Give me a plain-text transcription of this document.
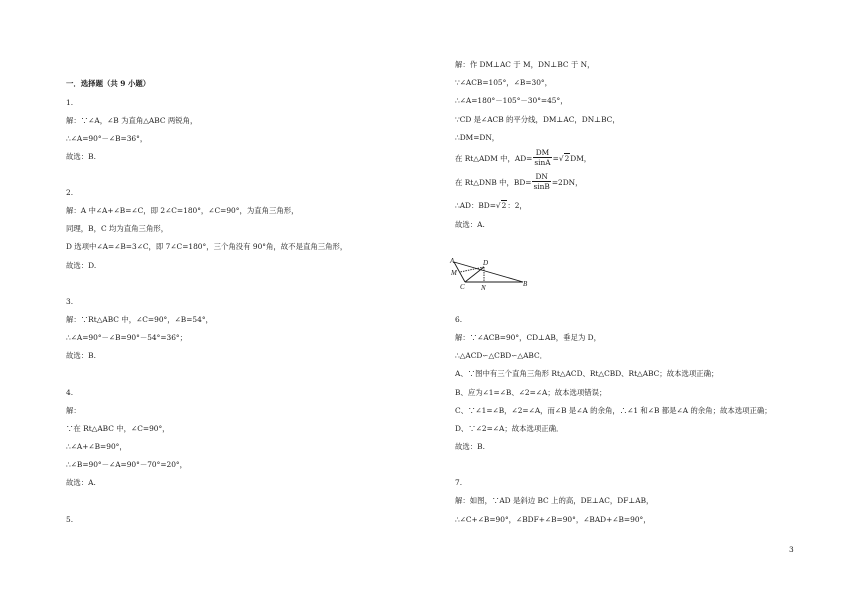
一．选择题（共 9 小题）
1.
解：∵∠A，∠B 为直角△ABC 两锐角，
∴∠A=90°－∠B=36°，
故选：B.
2.
解：A 中∠A+∠B=∠C，即 2∠C=180°，∠C=90°，为直角三角形，
同理，B，C 均为直角三角形，
D 选项中∠A=∠B=3∠C，即 7∠C=180°，三个角没有 90°角，故不是直角三角形，
故选：D.
3.
解：∵Rt△ABC 中，∠C=90°，∠B=54°，
∴∠A=90°－∠B=90°－54°=36°；
故选：B.
4.
解：
∵在 Rt△ABC 中，∠C=90°，
∴∠A+∠B=90°，
∴∠B=90°－∠A=90°－70°=20°，
故选：A.
5.
解：作 DM⊥AC 于 M，DN⊥BC 于 N，
∵∠ACB=105°，∠B=30°，
∴∠A=180°－105°－30°=45°，
∵CD 是∠ACB 的平分线，DM⊥AC，DN⊥BC，
∴DM=DN，
在 Rt△ADM 中，$AD= \frac{DM}{\sin A} =√2DM$，
在 Rt△DNB 中，$BD= \frac{DN}{\sin B} =2DN$，
∴AD：BD=√2：2，
故选：A.
A	D
M
C N	B
6.
解：∵∠ACB=90°，CD⊥AB，垂足为 D，
∴△ACD∽△CBD∽△ABC．
A、∵图中有三个直角三角形 Rt△ACD、Rt△CBD、Rt△ABC；故本选项正确；
B、应为∠1=∠B、∠2=∠A；故本选项错误；
C、∵∠1=∠B，∠2=∠A，而∠B 是∠A 的余角，∴∠1 和∠B 都是∠A 的余角；故本选项正确；
D、∵∠2=∠A；故本选项正确．
故选：B.
7.
解：如图，∵AD 是斜边 BC 上的高，DE⊥AC，DF⊥AB，
∴∠C+∠B=90°，∠BDF+∠B=90°，∠BAD+∠B=90°，
3
